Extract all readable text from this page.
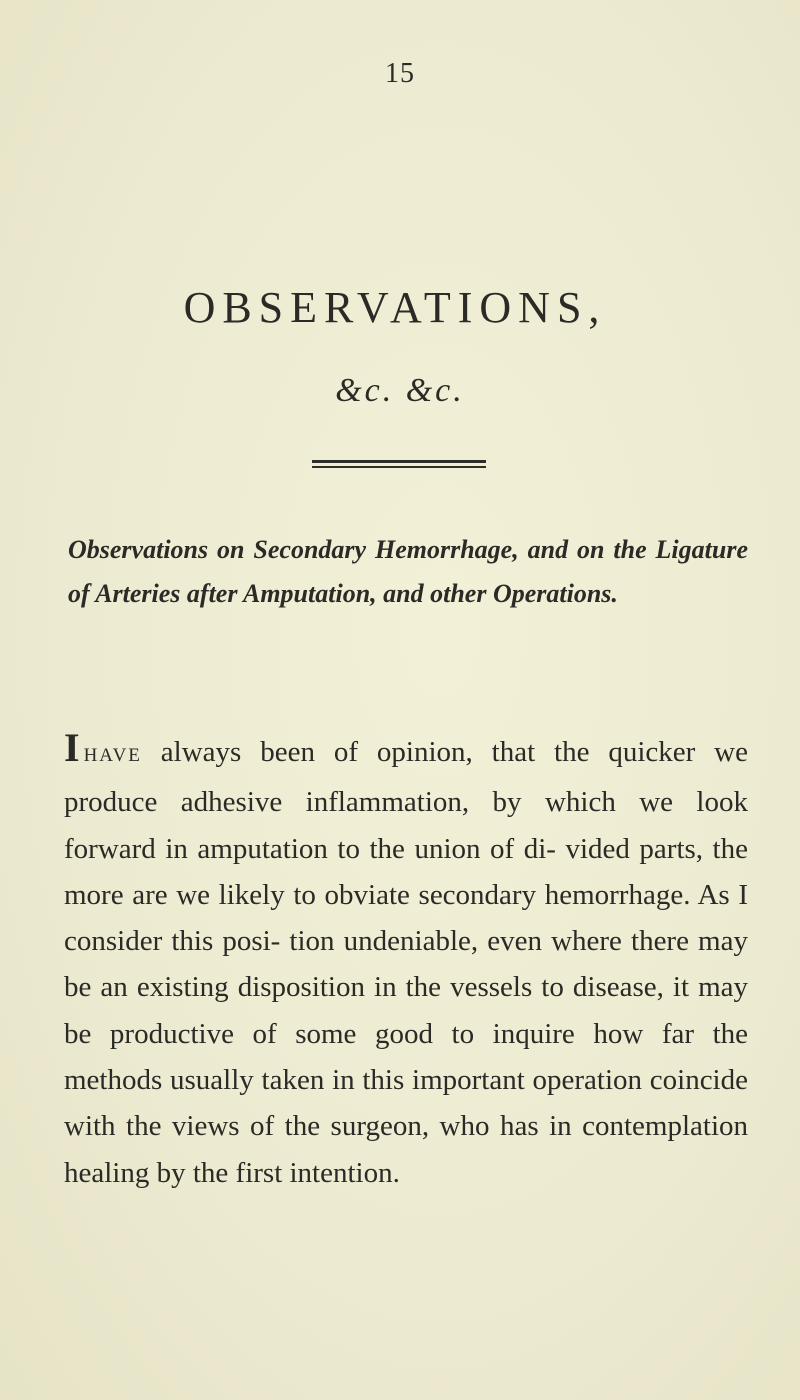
15
OBSERVATIONS,
&c. &c.
Observations on Secondary Hemorrhage, and on the Ligature of Arteries after Amputation, and other Operations.

IHAVE always been of opinion, that the quicker we produce adhesive inflammation, by which we look forward in amputation to the union of di- vided parts, the more are we likely to obviate secondary hemorrhage. As I consider this posi- tion undeniable, even where there may be an existing disposition in the vessels to disease, it may be productive of some good to inquire how far the methods usually taken in this important operation coincide with the views of the surgeon, who has in contemplation healing by the first intention.
